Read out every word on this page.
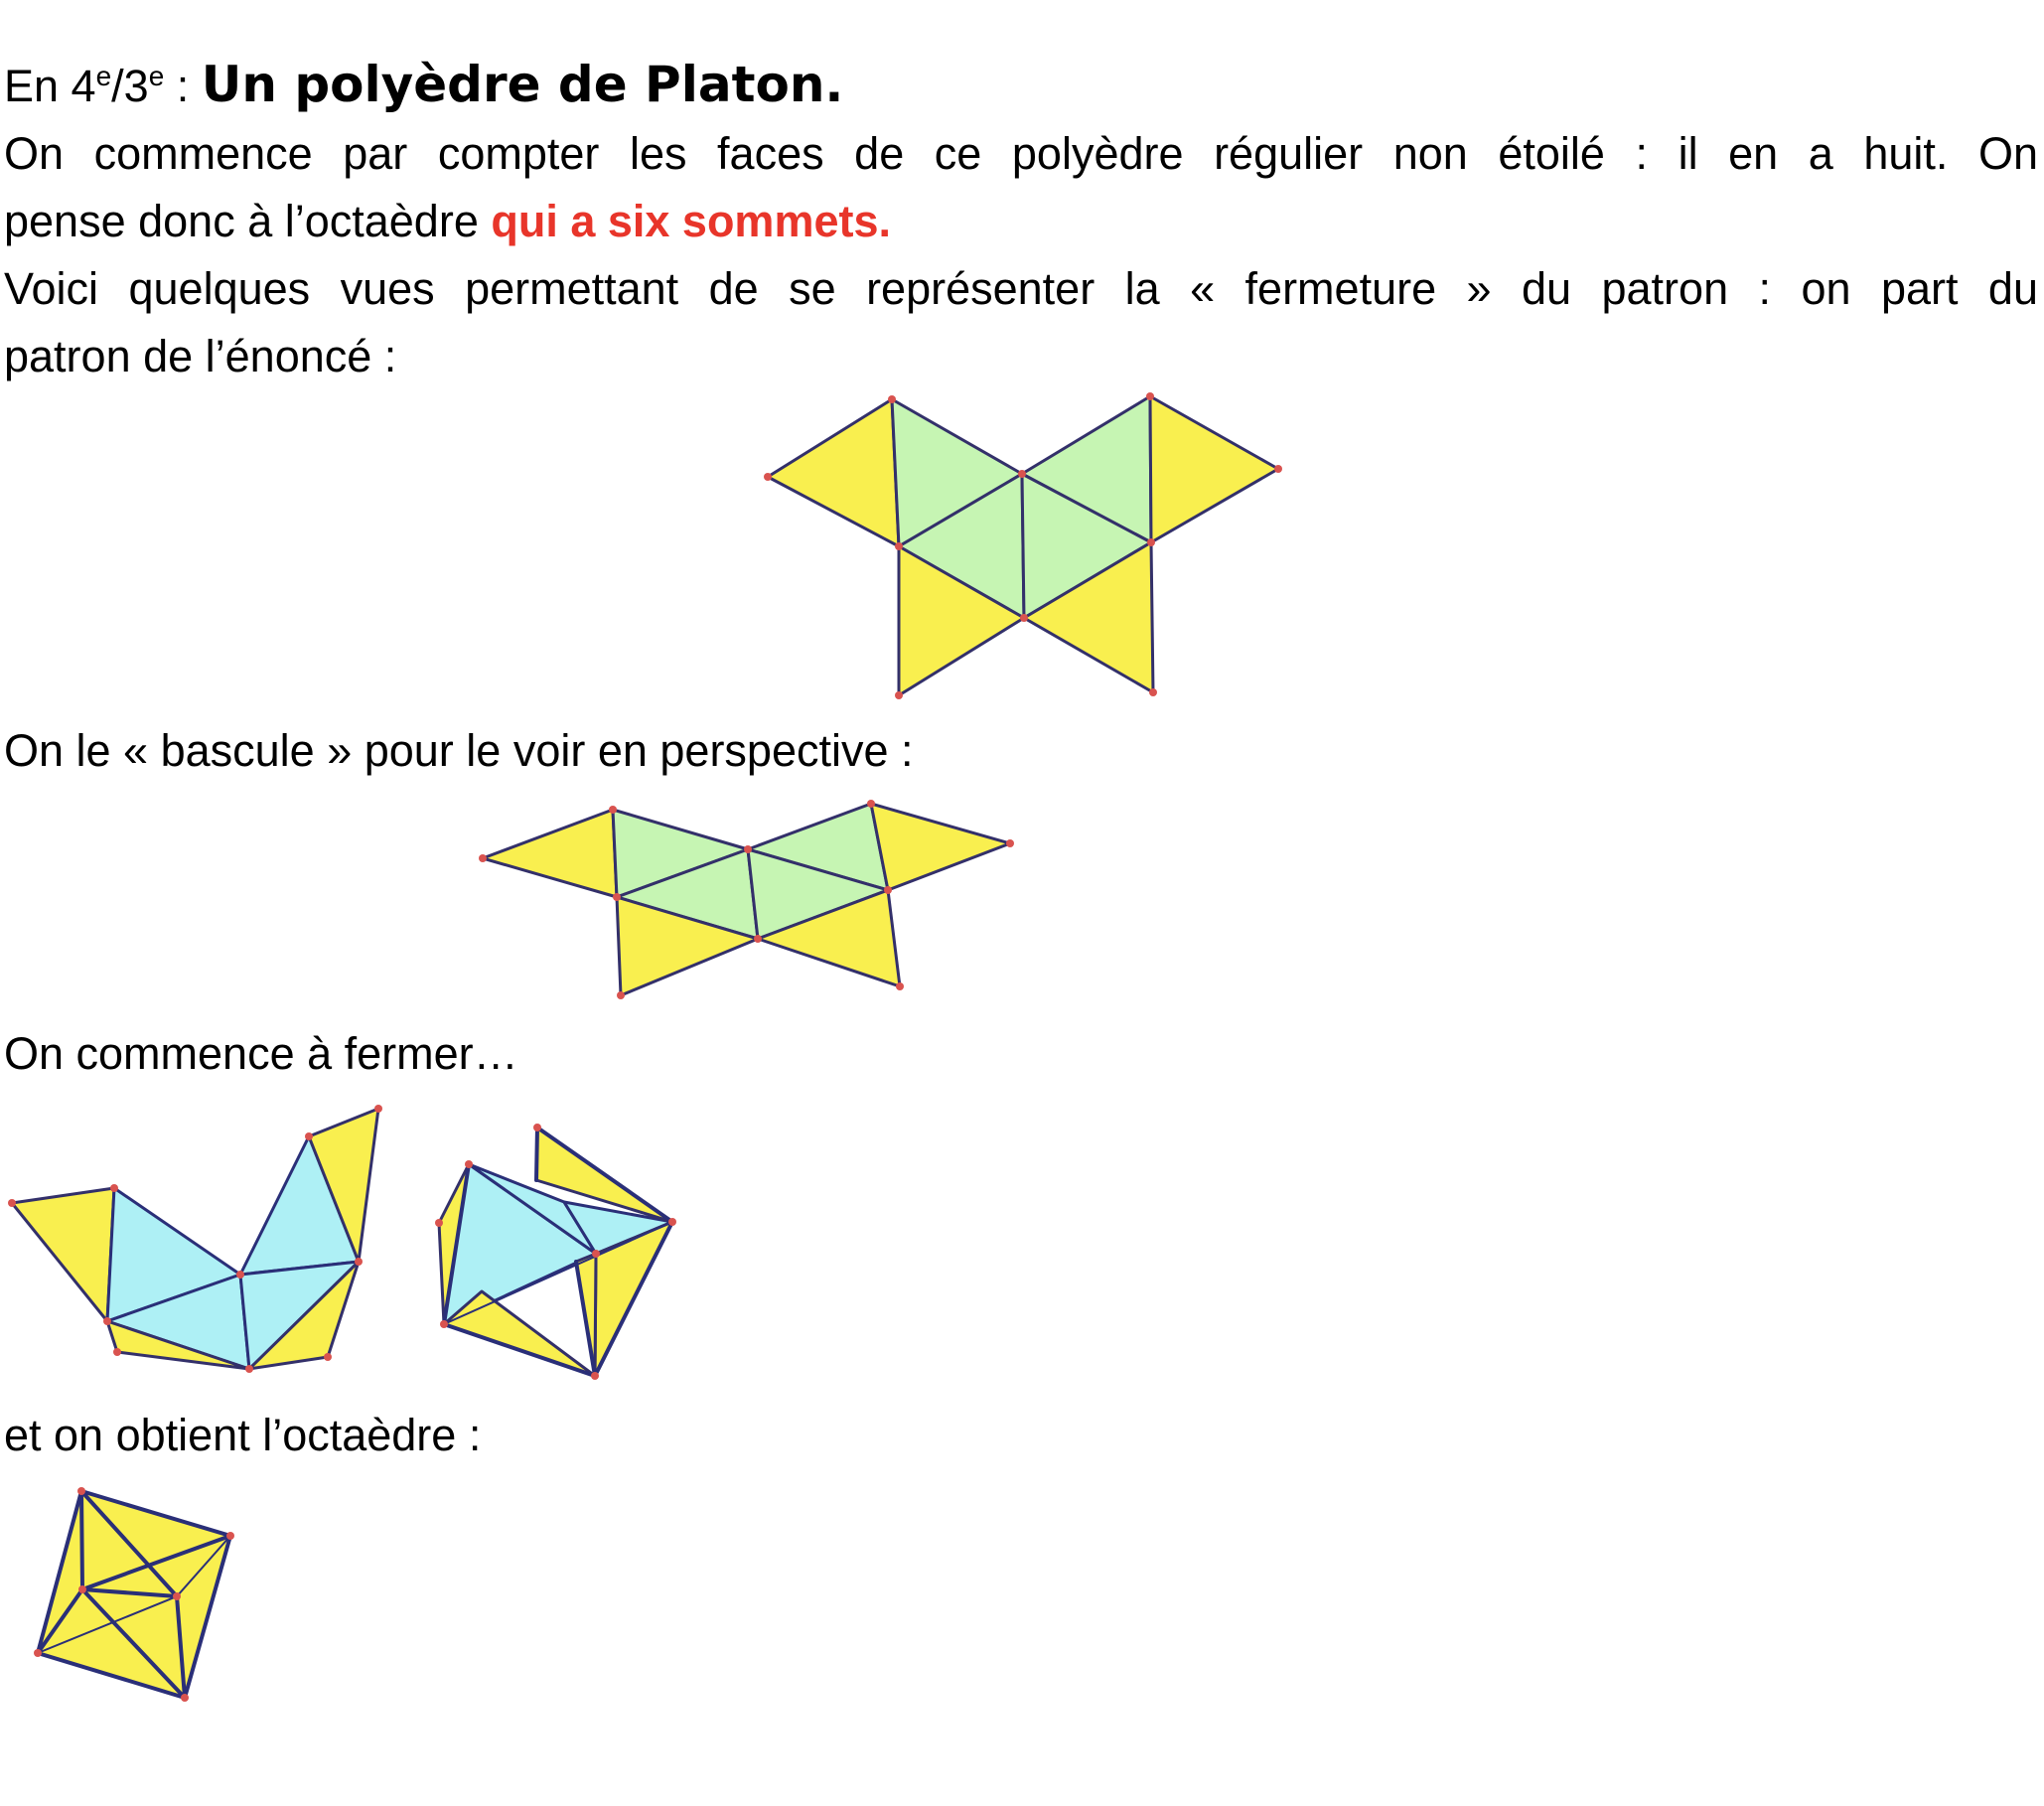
En 4e/3e : Un polyèdre de Platon.
On commence par compter les faces de ce polyèdre régulier non étoilé : il en a huit. On
pense donc à l’octaèdre qui a six sommets.
Voici quelques vues permettant de se représenter la « fermeture » du patron : on part du
patron de l’énoncé :
On le « bascule » pour le voir en perspective :
On commence à fermer…
et on obtient l’octaèdre :
